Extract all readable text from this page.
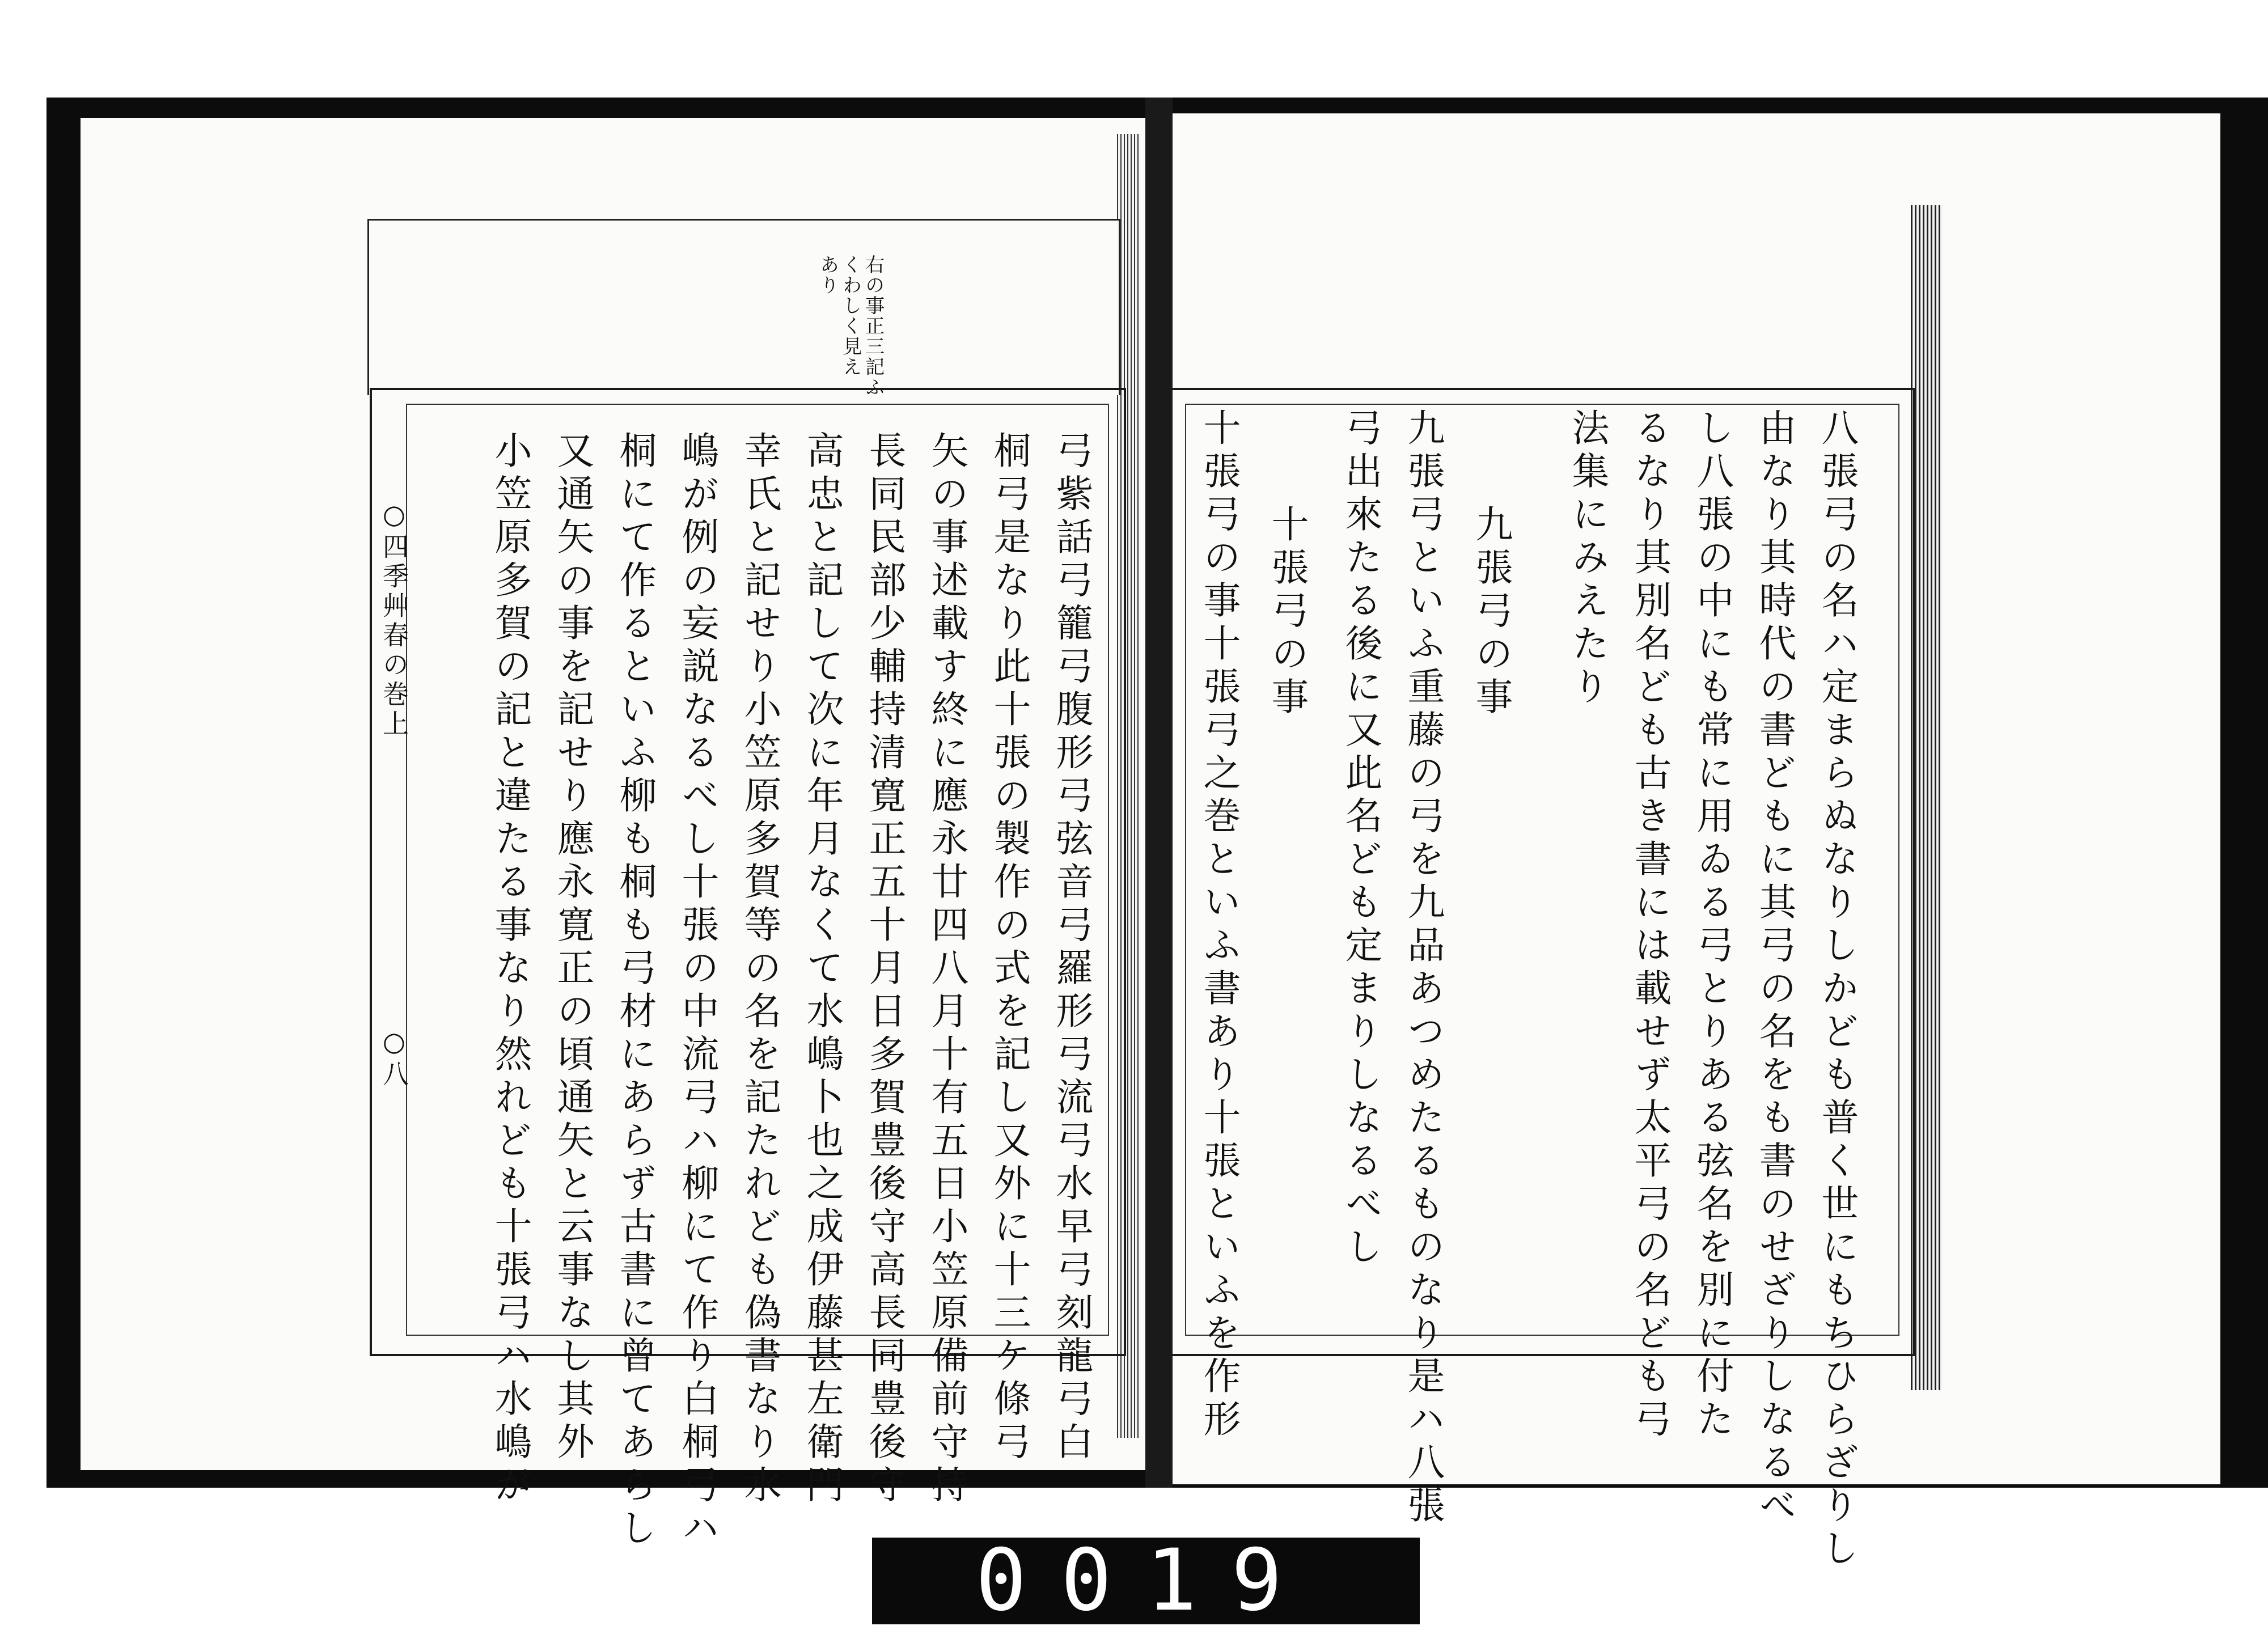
右の事正三記ふ
くわしく見え
あり
○四季艸春の巻上
○八	弓紫話弓籠弓腹形弓弦音弓羅形弓流弓水早弓刻龍弓白
桐弓是なり此十張の製作の式を記し又外に十三ケ條弓
矢の事述載す終に應永廿四八月十有五日小笠原備前守持
長同民部少輔持清寛正五十月日多賀豊後守高長同豊後守
高忠と記して次に年月なくて水嶋卜也之成伊藤甚左衛門
幸氏と記せり小笠原多賀等の名を記たれども偽書なり水
嶋が例の妄説なるべし十張の中流弓ハ柳にて作り白桐弓ハ
桐にて作るといふ柳も桐も弓材にあらず古書に曾てあらし
又通矢の事を記せり應永寛正の頃通矢と云事なし其外
小笠原多賀の記と違たる事なり然れども十張弓ハ水嶋が	八張弓の名ハ定まらぬなりしかども普く世にもちひらざりし
由なり其時代の書どもに其弓の名をも書のせざりしなるべ
し八張の中にも常に用ゐる弓とりある弦名を別に付た
るなり其別名ども古き書には載せず太平弓の名ども弓
法集にみえたり
九張弓の事
九張弓といふ重藤の弓を九品あつめたるものなり是ハ八張
弓出來たる後に又此名ども定まりしなるべし
十張弓の事
十張弓の事十張弓之巻といふ書あり十張といふを作形
0019
